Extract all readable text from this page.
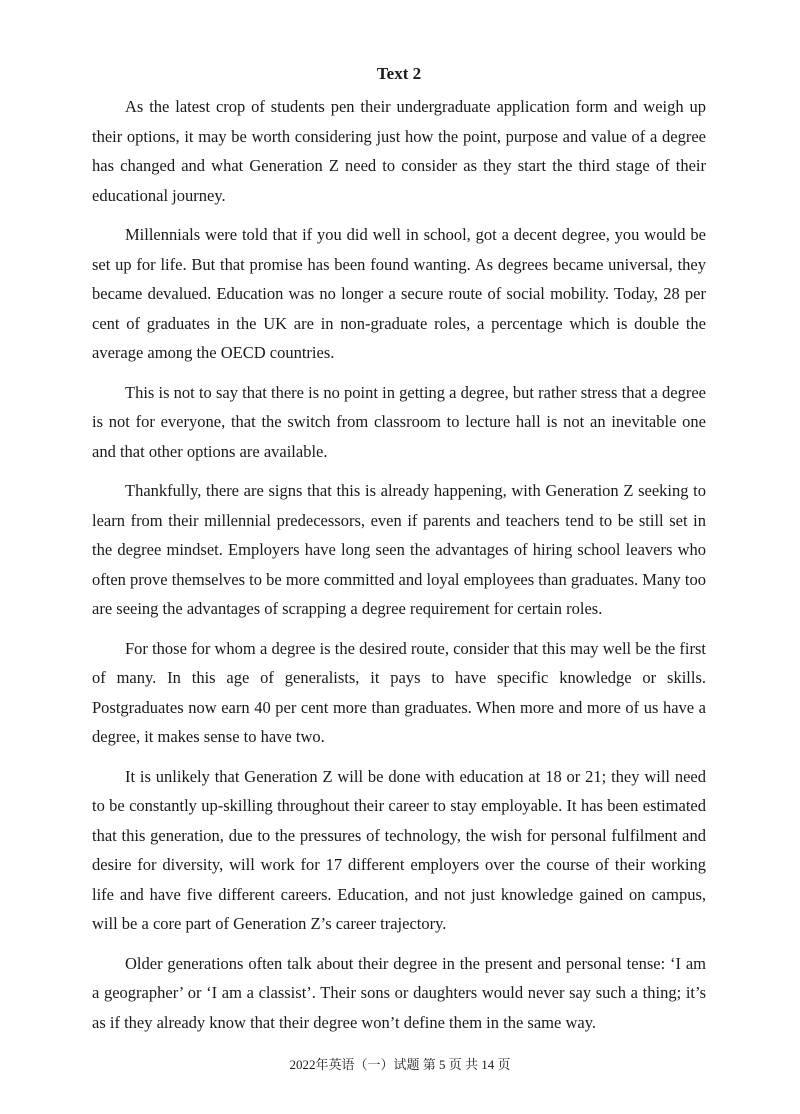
Text 2

As the latest crop of students pen their undergraduate application form and weigh up their options, it may be worth considering just how the point, purpose and value of a degree has changed and what Generation Z need to consider as they start the third stage of their educational journey.

Millennials were told that if you did well in school, got a decent degree, you would be set up for life. But that promise has been found wanting. As degrees became universal, they became devalued. Education was no longer a secure route of social mobility. Today, 28 per cent of graduates in the UK are in non-graduate roles, a percentage which is double the average among the OECD countries.

This is not to say that there is no point in getting a degree, but rather stress that a degree is not for everyone, that the switch from classroom to lecture hall is not an inevitable one and that other options are available.

Thankfully, there are signs that this is already happening, with Generation Z seeking to learn from their millennial predecessors, even if parents and teachers tend to be still set in the degree mindset. Employers have long seen the advantages of hiring school leavers who often prove themselves to be more committed and loyal employees than graduates. Many too are seeing the advantages of scrapping a degree requirement for certain roles.

For those for whom a degree is the desired route, consider that this may well be the first of many. In this age of generalists, it pays to have specific knowledge or skills. Postgraduates now earn 40 per cent more than graduates. When more and more of us have a degree, it makes sense to have two.

It is unlikely that Generation Z will be done with education at 18 or 21; they will need to be constantly up-skilling throughout their career to stay employable. It has been estimated that this generation, due to the pressures of technology, the wish for personal fulfilment and desire for diversity, will work for 17 different employers over the course of their working life and have five different careers. Education, and not just knowledge gained on campus, will be a core part of Generation Z’s career trajectory.

Older generations often talk about their degree in the present and personal tense: ‘I am a geographer’ or ‘I am a classist’. Their sons or daughters would never say such a thing; it’s as if they already know that their degree won’t define them in the same way.

2022年英语（一）试题 第 5 页 共 14 页
